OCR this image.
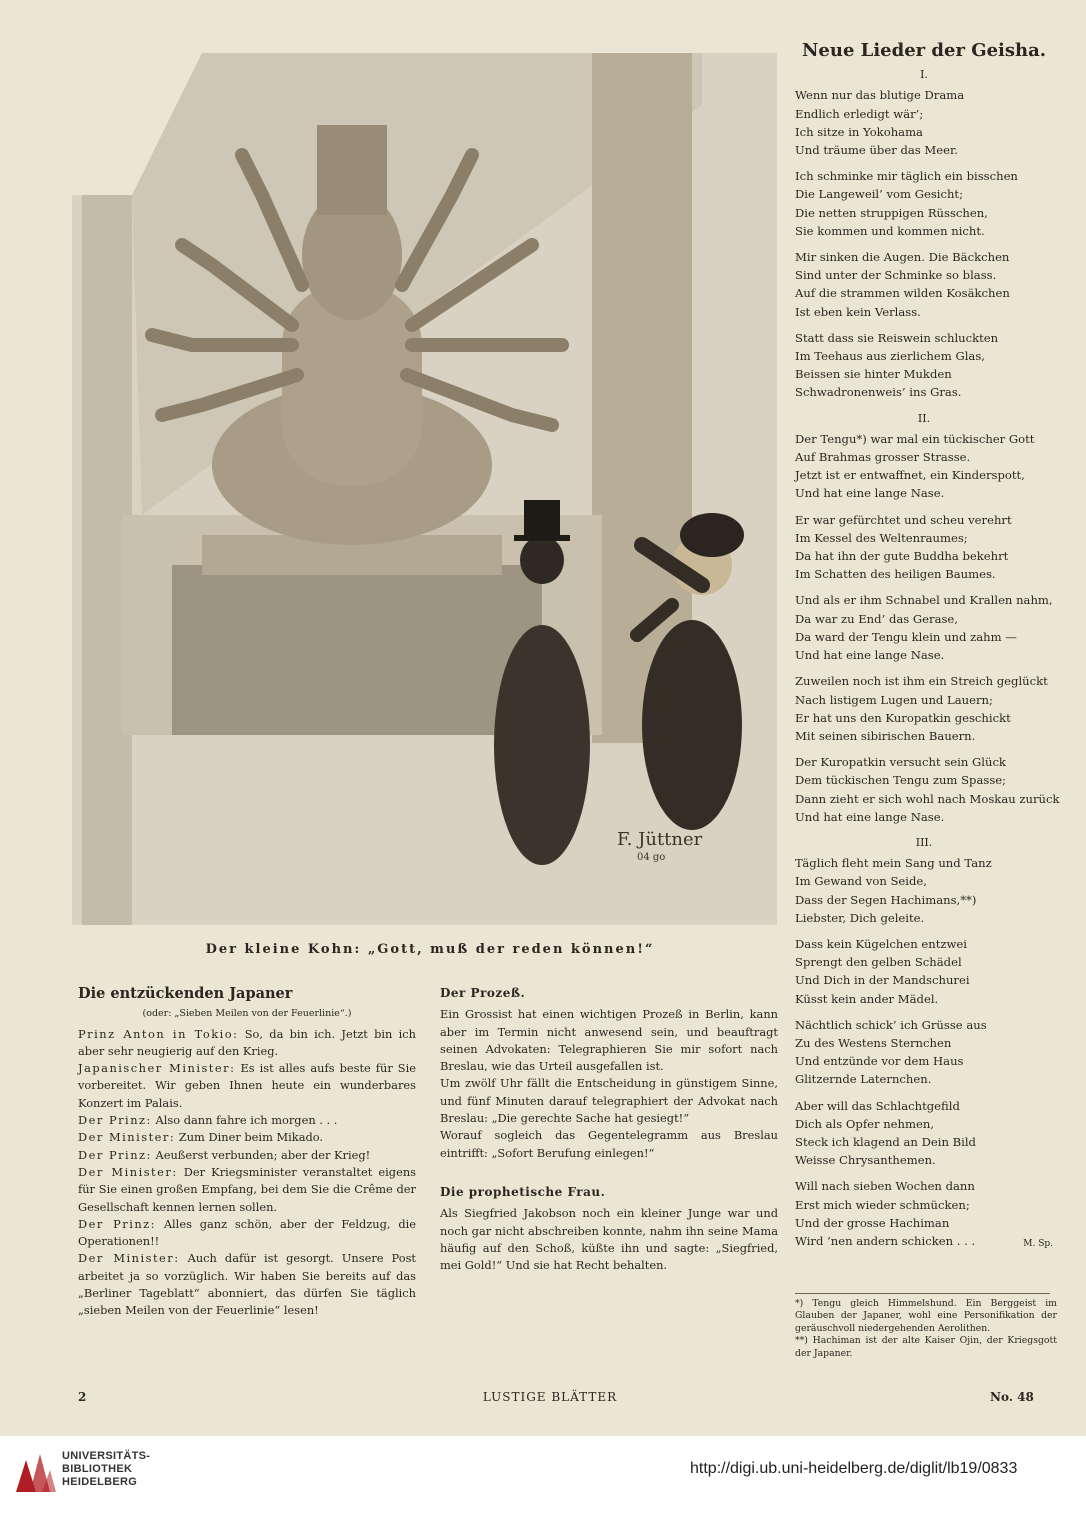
F. Jüttner
04 go
Der kleine Kohn: „Gott, muß der reden können!“
Die entzückenden Japaner
(oder: „Sieben Meilen von der Feuerlinie“.)

Prinz Anton in Tokio: So, da bin ich. Jetzt bin ich aber sehr neugierig auf den Krieg.

Japanischer Minister: Es ist alles aufs beste für Sie vorbereitet. Wir geben Ihnen heute ein wunderbares Konzert im Palais.

Der Prinz: Also dann fahre ich morgen . . .

Der Minister: Zum Diner beim Mikado.

Der Prinz: Aeußerst verbunden; aber der Krieg!

Der Minister: Der Kriegsminister veranstaltet eigens für Sie einen großen Empfang, bei dem Sie die Crême der Gesellschaft kennen lernen sollen.

Der Prinz: Alles ganz schön, aber der Feldzug, die Operationen!!

Der Minister: Auch dafür ist gesorgt. Unsere Post arbeitet ja so vorzüglich. Wir haben Sie bereits auf das „Berliner Tageblatt“ abonniert, das dürfen Sie täglich „sieben Meilen von der Feuerlinie“ lesen!

Der Prozeß.

Ein Grossist hat einen wichtigen Prozeß in Berlin, kann aber im Termin nicht anwesend sein, und beauftragt seinen Advokaten: Telegraphieren Sie mir sofort nach Breslau, wie das Urteil ausgefallen ist.

Um zwölf Uhr fällt die Entscheidung in günstigem Sinne, und fünf Minuten darauf telegraphiert der Advokat nach Breslau: „Die gerechte Sache hat gesiegt!“

Worauf sogleich das Gegentelegramm aus Breslau eintrifft: „Sofort Berufung einlegen!“

Die prophetische Frau.

Als Siegfried Jakobson noch ein kleiner Junge war und noch gar nicht abschreiben konnte, nahm ihn seine Mama häufig auf den Schoß, küßte ihn und sagte: „Siegfried, mei Gold!“ Und sie hat Recht behalten.

Neue Lieder der Geisha.
I.
Wenn nur das blutige Drama
Endlich erledigt wär’;
Ich sitze in Yokohama
Und träume über das Meer.
Ich schminke mir täglich ein bisschen
Die Langeweil’ vom Gesicht;
Die netten struppigen Rüsschen,
Sie kommen und kommen nicht.
Mir sinken die Augen. Die Bäckchen
Sind unter der Schminke so blass.
Auf die strammen wilden Kosäkchen
Ist eben kein Verlass.
Statt dass sie Reiswein schluckten
Im Teehaus aus zierlichem Glas,
Beissen sie hinter Mukden
Schwadronenweis’ ins Gras.
II.
Der Tengu*) war mal ein tückischer Gott
Auf Brahmas grosser Strasse.
Jetzt ist er entwaffnet, ein Kinderspott,
Und hat eine lange Nase.
Er war gefürchtet und scheu verehrt
Im Kessel des Weltenraumes;
Da hat ihn der gute Buddha bekehrt
Im Schatten des heiligen Baumes.
Und als er ihm Schnabel und Krallen nahm,
Da war zu End’ das Gerase,
Da ward der Tengu klein und zahm —
Und hat eine lange Nase.
Zuweilen noch ist ihm ein Streich geglückt
Nach listigem Lugen und Lauern;
Er hat uns den Kuropatkin geschickt
Mit seinen sibirischen Bauern.
Der Kuropatkin versucht sein Glück
Dem tückischen Tengu zum Spasse;
Dann zieht er sich wohl nach Moskau zurück
Und hat eine lange Nase.
III.
Täglich fleht mein Sang und Tanz
Im Gewand von Seide,
Dass der Segen Hachimans,**)
Liebster, Dich geleite.
Dass kein Kügelchen entzwei
Sprengt den gelben Schädel
Und Dich in der Mandschurei
Küsst kein ander Mädel.
Nächtlich schick’ ich Grüsse aus
Zu des Westens Sternchen
Und entzünde vor dem Haus
Glitzernde Laternchen.
Aber will das Schlachtgefild
Dich als Opfer nehmen,
Steck ich klagend an Dein Bild
Weisse Chrysanthemen.
Will nach sieben Wochen dann
Erst mich wieder schmücken;
Und der grosse Hachiman
Wird ’nen andern schicken . . .	M. Sp.
*) Tengu gleich Himmelshund. Ein Berggeist im Glauben der Japaner, wohl eine Personifikation der geräuschvoll niedergehenden Aerolithen.
**) Hachiman ist der alte Kaiser Ojin, der Kriegsgott der Japaner.
2	LUSTIGE BLÄTTER	No. 48
UNIVERSITÄTS-
BIBLIOTHEK
HEIDELBERG
http://digi.ub.uni-heidelberg.de/diglit/lb19/0833
